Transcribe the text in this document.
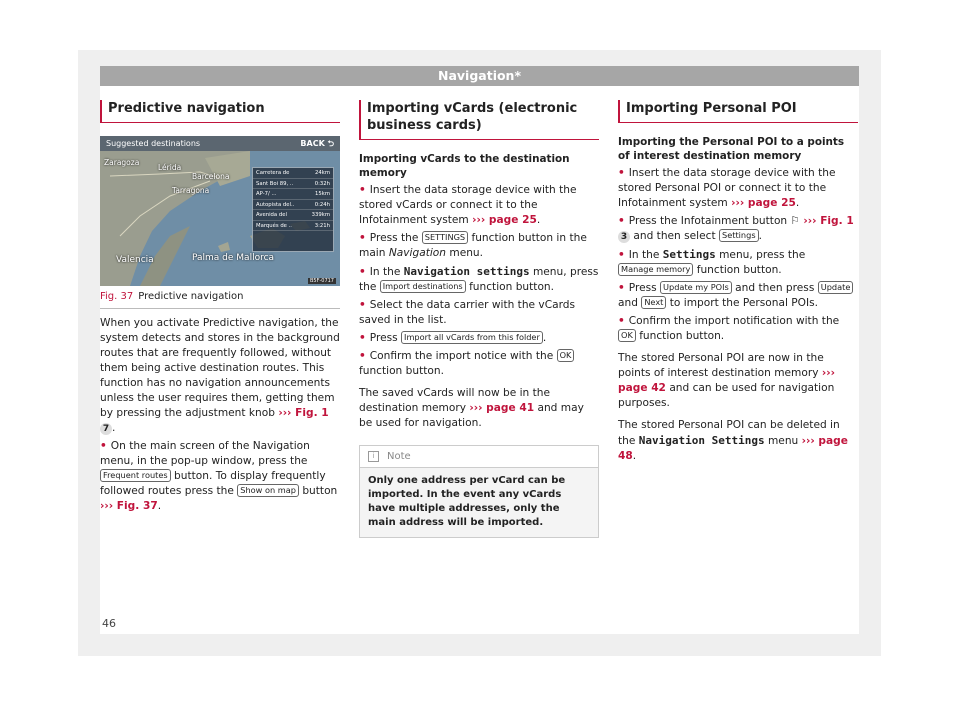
Navigation*
Predictive navigation
Suggested destinations	BACK ⮌
Zaragoza
Lérida
Barcelona
Tarragona
Palma de Mallorca
Valencia
Carretera de	24km
Sant Boi 89, ..	0:32h
AP-7/ ...	15km
Autopista del..	0:24h
Avenida del	339km
Marqués de ..	3:21h
B5F-0717
Fig. 37 Predictive navigation

When you activate Predictive navigation, the system detects and stores in the background routes that are frequently followed, without them being active destination routes. This function has no navigation announcements unless the user requires them, getting them by pressing the adjustment knob ››› Fig. 1 7 .

• On the main screen of the Navigation menu, in the pop-up window, press the Frequent routes button. To display frequently followed routes press the Show on map button ››› Fig. 37.

Importing vCards (electronic business cards)
Importing vCards to the destination memory

• Insert the data storage device with the stored vCards or connect it to the Infotainment system ››› page 25.

• Press the SETTINGS function button in the main Navigation menu.

• In the Navigation settings menu, press the Import destinations function button.

• Select the data carrier with the vCards saved in the list.

• Press Import all vCards from this folder .

• Confirm the import notice with the OK function button.

The saved vCards will now be in the destination memory ››› page 41 and may be used for navigation.

i	Note
Only one address per vCard can be imported. In the event any vCards have multiple addresses, only the main address will be imported.
Importing Personal POI
Importing the Personal POI to a points of interest destination memory

• Insert the data storage device with the stored Personal POI or connect it to the Infotainment system ››› page 25.

• Press the Infotainment button ⚐ ››› Fig. 1 3 and then select Settings .

• In the Settings menu, press the Manage memory function button.

• Press Update my POIs and then press Update and Next to import the Personal POIs.

• Confirm the import notification with the OK function button.

The stored Personal POI are now in the points of interest destination memory ››› page 42 and can be used for navigation purposes.

The stored Personal POI can be deleted in the Navigation Settings menu ››› page 48.

46
